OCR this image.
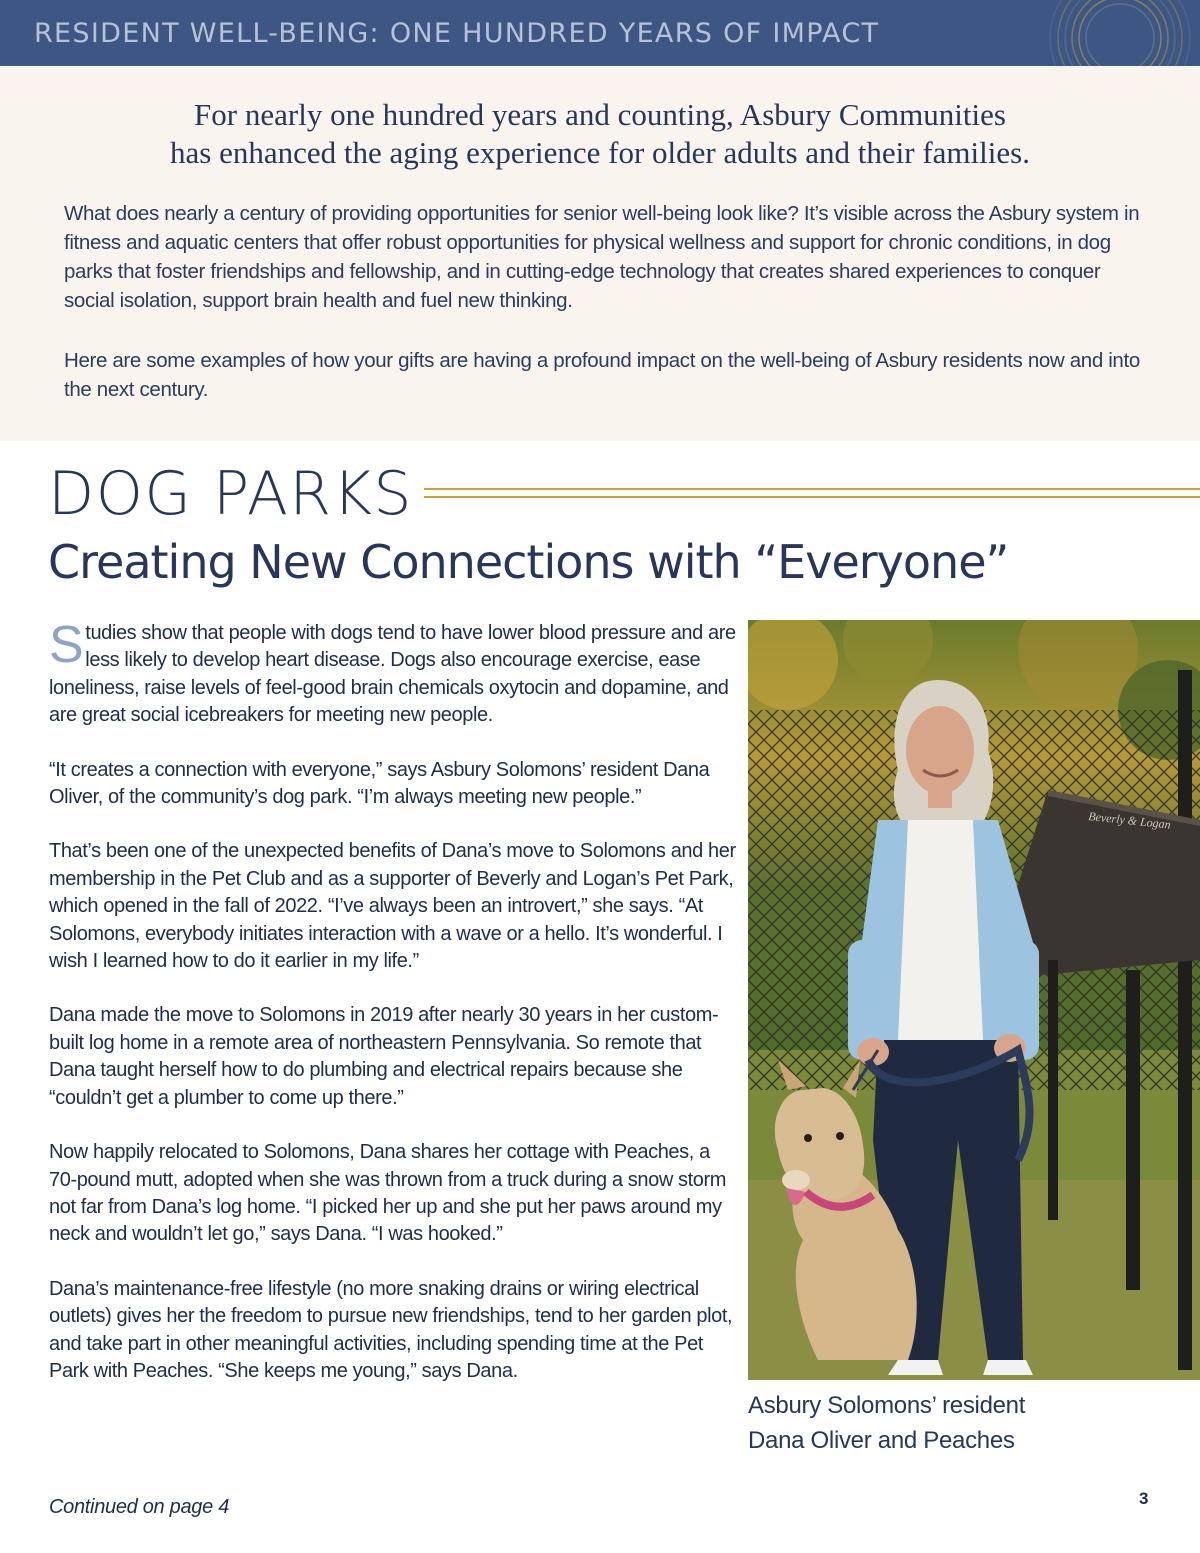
RESIDENT WELL-BEING: ONE HUNDRED YEARS OF IMPACT

For nearly one hundred years and counting, Asbury Communities
has enhanced the aging experience for older adults and their families.

What does nearly a century of providing opportunities for senior well-being look like? It’s visible across the Asbury system in fitness and aquatic centers that offer robust opportunities for physical wellness and support for chronic conditions, in dog parks that foster friendships and fellowship, and in cutting-edge technology that creates shared experiences to conquer social isolation, support brain health and fuel new thinking.

Here are some examples of how your gifts are having a profound impact on the well-being of Asbury residents now and into the next century.

DOG PARKS
Creating New Connections with “Everyone”

Studies show that people with dogs tend to have lower blood pressure and are less likely to develop heart disease. Dogs also encourage exercise, ease loneliness, raise levels of feel-good brain chemicals oxytocin and dopamine, and are great social icebreakers for meeting new people.

“It creates a connection with everyone,” says Asbury Solomons’ resident Dana Oliver, of the community’s dog park. “I’m always meeting new people.”

That’s been one of the unexpected benefits of Dana’s move to Solomons and her membership in the Pet Club and as a supporter of Beverly and Logan’s Pet Park, which opened in the fall of 2022. “I’ve always been an introvert,” she says. “At Solomons, everybody initiates interaction with a wave or a hello. It’s wonderful. I wish I learned how to do it earlier in my life.”

Dana made the move to Solomons in 2019 after nearly 30 years in her custom-built log home in a remote area of northeastern Pennsylvania. So remote that Dana taught herself how to do plumbing and electrical repairs because she “couldn’t get a plumber to come up there.”

Now happily relocated to Solomons, Dana shares her cottage with Peaches, a 70-pound mutt, adopted when she was thrown from a truck during a snow storm not far from Dana’s log home. “I picked her up and she put her paws around my neck and wouldn’t let go,” says Dana. “I was hooked.”

Dana’s maintenance-free lifestyle (no more snaking drains or wiring electrical outlets) gives her the freedom to pursue new friendships, tend to her garden plot, and take part in other meaningful activities, including spending time at the Pet Park with Peaches. “She keeps me young,” says Dana.

Continued on page 4

Beverly & Logan

Asbury Solomons’ resident
Dana Oliver and Peaches

3
